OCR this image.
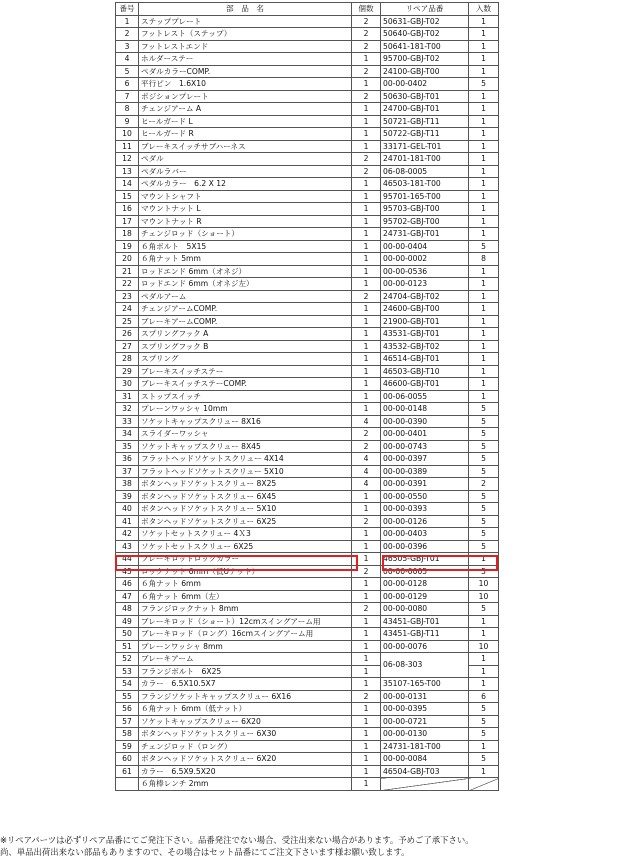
番号	部　品　名	個数	リペア品番	入数
1	ステッププレート	2	50631-GBJ-T02	1
2	フットレスト（ステップ）	2	50640-GBJ-T02	1
3	フットレストエンド	2	50641-181-T00	1
4	ホルダーステー	1	95700-GBJ-T02	1
5	ペダルカラーCOMP.	2	24100-GBJ-T00	1
6	平行ピン　1.6X10	1	00-00-0402	5
7	ポジションプレート	2	50630-GBJ-T01	1
8	チェンジアーム A	1	24700-GBJ-T01	1
9	ヒールガード L	1	50721-GBJ-T11	1
10	ヒールガード R	1	50722-GBJ-T11	1
11	ブレーキスイッチサブハーネス	1	33171-GEL-T01	1
12	ペダル	2	24701-181-T00	1
13	ペダルラバー	2	06-08-0005	1
14	ペダルカラー　6.2 X 12	1	46503-181-T00	1
15	マウントシャフト	1	95701-165-T00	1
16	マウントナット L	1	95703-GBJ-T00	1
17	マウントナット R	1	95702-GBJ-T00	1
18	チェンジロッド（ショート）	1	24731-GBJ-T01	1
19	６角ボルト　5X15	1	00-00-0404	5
20	６角ナット 5mm	1	00-00-0002	8
21	ロッドエンド 6mm（オネジ）	1	00-00-0536	1
22	ロッドエンド 6mm（オネジ左）	1	00-00-0123	1
23	ペダルアーム	2	24704-GBJ-T02	1
24	チェンジアームCOMP.	1	24600-GBJ-T00	1
25	ブレーキアームCOMP.	1	21900-GBJ-T01	1
26	スプリングフック A	1	43531-GBJ-T01	1
27	スプリングフック B	1	43532-GBJ-T02	1
28	スプリング	1	46514-GBJ-T01	1
29	ブレーキスイッチステー	1	46503-GBJ-T10	1
30	ブレーキスイッチステーCOMP.	1	46600-GBJ-T01	1
31	ストップスイッチ	1	00-06-0055	1
32	プレーンワッシャ 10mm	1	00-00-0148	5
33	ソケットキャップスクリュー 8X16	4	00-00-0390	5
34	スライダーワッシャ	2	00-00-0401	5
35	ソケットキャップスクリュー 8X45	2	00-00-0743	5
36	フラットヘッドソケットスクリュー 4X14	4	00-00-0397	5
37	フラットヘッドソケットスクリュー 5X10	4	00-00-0389	5
38	ボタンヘッドソケットスクリュー 8X25	4	00-00-0391	2
39	ボタンヘッドソケットスクリュー 6X45	1	00-00-0550	5
40	ボタンヘッドソケットスクリュー 5X10	1	00-00-0393	5
41	ボタンヘッドソケットスクリュー 6X25	2	00-00-0126	5
42	ソケットセットスクリュー 4Ｘ3	1	00-00-0403	5
43	ソケットセットスクリュー 6X25	1	00-00-0396	5
44	ブレーキロッドロックカラー	1	46505-GBJ-T01	1
45	ロックナット 6mm（低Uナット）	2	00-00-0005	5
46	６角ナット 6mm	1	00-00-0128	10
47	６角ナット 6mm（左）	1	00-00-0129	10
48	フランジロックナット 8mm	2	00-00-0080	5
49	ブレーキロッド（ショート）12cmスイングアーム用	1	43451-GBJ-T01	1
50	ブレーキロッド（ロング）16cmスイングアーム用	1	43451-GBJ-T11	1
51	プレーンワッシャ 8mm	1	00-00-0076	10
52	ブレーキアーム	1	06-08-303	1
53	フランジボルト　6X25	1		1
54	カラー　6.5X10.5X7	1	35107-165-T00	1
55	フランジソケットキャップスクリュー 6X16	2	00-00-0131	6
56	６角ナット 6mm（低ナット）	1	00-00-0395	5
57	ソケットキャップスクリュー 6X20	1	00-00-0721	5
58	ボタンヘッドソケットスクリュー 6X30	1	00-00-0130	5
59	チェンジロッド（ロング）	1	24731-181-T00	1
60	ボタンヘッドソケットスクリュー 6X20	1	00-00-0084	5
61	カラー　6.5X9.5X20	1	46504-GBJ-T03	1
	６角棒レンチ 2mm	1		
※リペアパーツは必ずリペア品番にてご発注下さい。品番発注でない場合、受注出来ない場合があります。予めご了承下さい。
尚、単品出荷出来ない部品もありますので、その場合はセット品番にてご注文下さいます様お願い致します。
